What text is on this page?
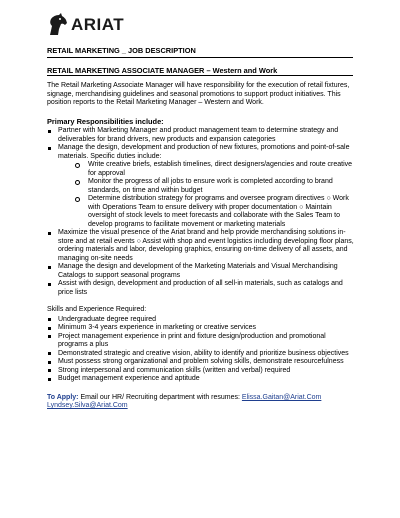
ARIAT
RETAIL MARKETING _ JOB DESCRIPTION
RETAIL MARKETING ASSOCIATE MANAGER – Western and Work

The Retail Marketing Associate Manager will have responsibility for the execution of retail fixtures, signage, merchandising guidelines and seasonal promotions to support product initiatives. This position reports to the Retail Marketing Manager – Western and Work.

Primary Responsibilities include:
Partner with Marketing Manager and product management team to determine strategy and deliverables for brand drivers, new products and expansion categories
Manage the design, development and production of new fixtures, promotions and point-of-sale materials. Specific duties include:
Write creative briefs, establish timelines, direct designers/agencies and route creative for approval
Monitor the progress of all jobs to ensure work is completed according to brand standards, on time and within budget
Determine distribution strategy for programs and oversee program directives ○ Work with Operations Team to ensure delivery with proper documentation ○ Maintain oversight of stock levels to meet forecasts and collaborate with the Sales Team to develop programs to facilitate movement or marketing materials
Maximize the visual presence of the Ariat brand and help provide merchandising solutions in-store and at retail events ○ Assist with shop and event logistics including developing floor plans, ordering materials and labor, developing graphics, ensuring on-time delivery of all assets, and managing on-site needs
Manage the design and development of the Marketing Materials and Visual Merchandising Catalogs to support seasonal programs
Assist with design, development and production of all sell-in materials, such as catalogs and price lists
Skills and Experience Required:
Undergraduate degree required
Minimum 3-4 years experience in marketing or creative services
Project management experience in print and fixture design/production and promotional programs a plus
Demonstrated strategic and creative vision, ability to identify and prioritize business objectives
Must possess strong organizational and problem solving skills, demonstrate resourcefulness
Strong interpersonal and communication skills (written and verbal) required
Budget management experience and aptitude
To Apply: Email our HR/ Recruiting department with resumes: Elissa.Gaitan@Ariat.Com Lyndsey.Silva@Ariat.Com
